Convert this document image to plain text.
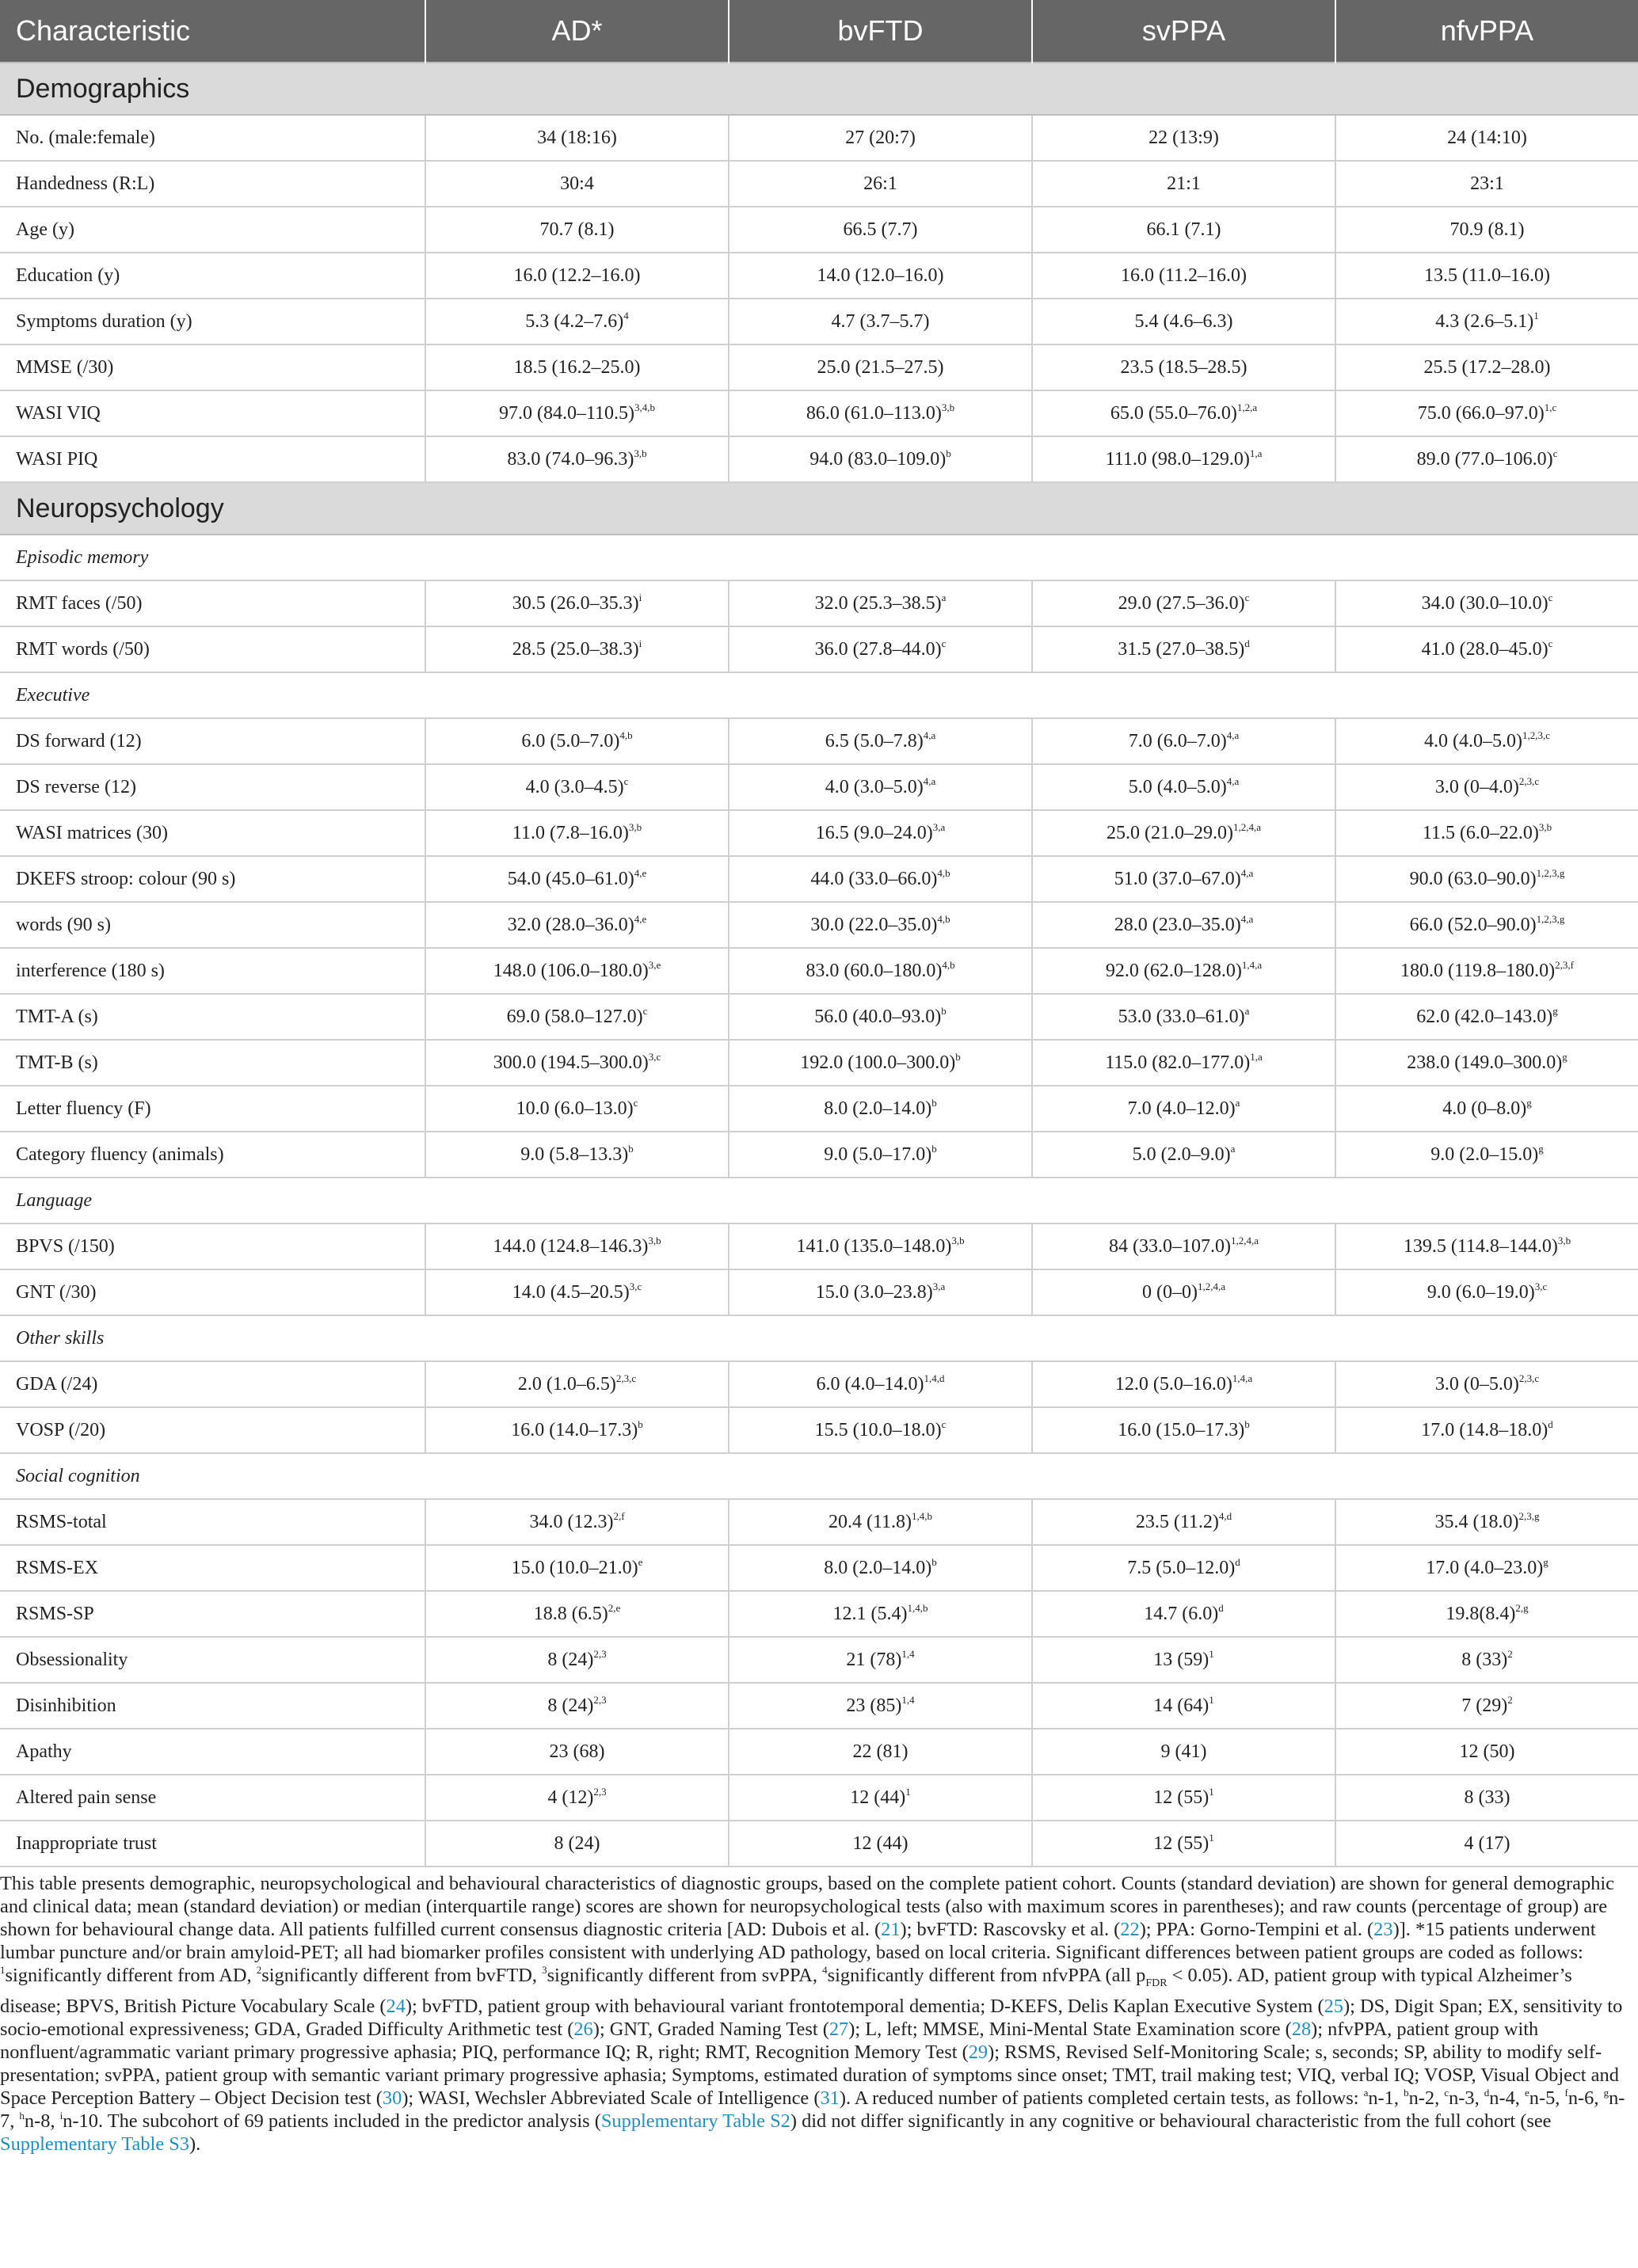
Characteristic	AD*	bvFTD	svPPA	nfvPPA
Demographics				
No. (male:female)	34 (18:16)	27 (20:7)	22 (13:9)	24 (14:10)
Handedness (R:L)	30:4	26:1	21:1	23:1
Age (y)	70.7 (8.1)	66.5 (7.7)	66.1 (7.1)	70.9 (8.1)
Education (y)	16.0 (12.2–16.0)	14.0 (12.0–16.0)	16.0 (11.2–16.0)	13.5 (11.0–16.0)
Symptoms duration (y)	5.3 $(4.2-7.6)^4$	4.7 (3.7–5.7)	5.4 (4.6–6.3)	4.3 $(2.6-5.1)^1$
MMSE (/30)	18.5 (16.2–25.0)	25.0 (21.5–27.5)	23.5 (18.5–28.5)	25.5 (17.2–28.0)
WASI VIQ	97.0 $(84.0-110.5)^{3,4,b}$	86.0 $(61.0-113.0)^{3,b}$	65.0 $(55.0-76.0)^{1,2,a}$	75.0 $(66.0-97.0)^{1,c}$
WASI PIQ	83.0 $(74.0-96.3)^{3,b}$	94.0 $(83.0-109.0)^b$	111.0 $(98.0-129.0)^{1,a}$	89.0 $(77.0-106.0)^c$
Neuropsychology				
Episodic memory				
RMT faces (/50)	30.5 $(26.0-35.3)^i$	32.0 $(25.3-38.5)^a$	29.0 $(27.5-36.0)^c$	34.0 $(30.0-10.0)^c$
RMT words (/50)	28.5 $(25.0-38.3)^i$	36.0 $(27.8-44.0)^c$	31.5 $(27.0-38.5)^d$	41.0 $(28.0-45.0)^c$
Executive				
DS forward (12)	6.0 $(5.0-7.0)^{4,b}$	6.5 $(5.0-7.8)^{4,a}$	7.0 $(6.0-7.0)^{4,a}$	4.0 $(4.0-5.0)^{1,2,3,c}$
DS reverse (12)	4.0 $(3.0-4.5)^c$	4.0 $(3.0-5.0)^{4,a}$	5.0 $(4.0-5.0)^{4,a}$	3.0 $(0-4.0)^{2,3,c}$
WASI matrices (30)	11.0 $(7.8-16.0)^{3,b}$	16.5 $(9.0-24.0)^{3,a}$	25.0 $(21.0-29.0)^{1,2,4,a}$	11.5 $(6.0-22.0)^{3,b}$
DKEFS stroop: colour (90 s)	54.0 $(45.0-61.0)^{4,e}$	44.0 $(33.0-66.0)^{4,b}$	51.0 $(37.0-67.0)^{4,a}$	90.0 $(63.0-90.0)^{1,2,3,g}$
words (90 s)	32.0 $(28.0-36.0)^{4,e}$	30.0 $(22.0-35.0)^{4,b}$	28.0 $(23.0-35.0)^{4,a}$	66.0 $(52.0-90.0)^{1,2,3,g}$
interference (180 s)	148.0 $(106.0-180.0)^{3,e}$	83.0 $(60.0-180.0)^{4,b}$	92.0 $(62.0-128.0)^{1,4,a}$	180.0 $(119.8-180.0)^{2,3,f}$
TMT-A (s)	69.0 $(58.0-127.0)^c$	56.0 $(40.0-93.0)^b$	53.0 $(33.0-61.0)^a$	62.0 $(42.0-143.0)^g$
TMT-B (s)	300.0 $(194.5-300.0)^{3,c}$	192.0 $(100.0-300.0)^b$	115.0 $(82.0-177.0)^{1,a}$	238.0 $(149.0-300.0)^g$
Letter fluency (F)	10.0 $(6.0-13.0)^c$	8.0 $(2.0-14.0)^b$	7.0 $(4.0-12.0)^a$	4.0 $(0-8.0)^g$
Category fluency (animals)	9.0 $(5.8-13.3)^b$	9.0 $(5.0-17.0)^b$	5.0 $(2.0-9.0)^a$	9.0 $(2.0-15.0)^g$
Language				
BPVS (/150)	144.0 $(124.8-146.3)^{3,b}$	141.0 $(135.0-148.0)^{3,b}$	84 $(33.0-107.0)^{1,2,4,a}$	139.5 $(114.8-144.0)^{3,b}$
GNT (/30)	14.0 $(4.5-20.5)^{3,c}$	15.0 $(3.0-23.8)^{3,a}$	0 $(0-0)^{1,2,4,a}$	9.0 $(6.0-19.0)^{3,c}$
Other skills				
GDA (/24)	2.0 $(1.0-6.5)^{2,3,c}$	6.0 $(4.0-14.0)^{1,4,d}$	12.0 $(5.0-16.0)^{1,4,a}$	3.0 $(0-5.0)^{2,3,c}$
VOSP (/20)	16.0 $(14.0-17.3)^b$	15.5 $(10.0-18.0)^c$	16.0 $(15.0-17.3)^b$	17.0 $(14.8-18.0)^d$
Social cognition				
RSMS-total	34.0 $(12.3)^{2,f}$	20.4 $(11.8)^{1,4,b}$	23.5 $(11.2)^{4,d}$	35.4 $(18.0)^{2,3,g}$
RSMS-EX	15.0 $(10.0-21.0)^e$	8.0 $(2.0-14.0)^b$	7.5 $(5.0-12.0)^d$	17.0 $(4.0-23.0)^g$
RSMS-SP	18.8 $(6.5)^{2,e}$	12.1 $(5.4)^{1,4,b}$	14.7 $(6.0)^d$	$19.8(8.4)^{2,g}$
Obsessionality	8 $(24)^{2,3}$	21 $(78)^{1,4}$	13 $(59)^1$	8 $(33)^2$
Disinhibition	8 $(24)^{2,3}$	23 $(85)^{1,4}$	14 $(64)^1$	7 $(29)^2$
Apathy	23 (68)	22 (81)	9 (41)	12 (50)
Altered pain sense	4 $(12)^{2,3}$	12 $(44)^1$	12 $(55)^1$	8 (33)
Inappropriate trust	8 (24)	12 (44)	12 $(55)^1$	4 (17)
This table presents demographic, neuropsychological and behavioural characteristics of diagnostic groups, based on the complete patient cohort. Counts (standard deviation) are shown for general demographic and clinical data; mean (standard deviation) or median (interquartile range) scores are shown for neuropsychological tests (also with maximum scores in parentheses); and raw counts (percentage of group) are shown for behavioural change data. All patients fulfilled current consensus diagnostic criteria [AD: Dubois et al. (21); bvFTD: Rascovsky et al. (22); PPA: Gorno-Tempini et al. (23)]. *15 patients underwent lumbar puncture and/or brain amyloid-PET; all had biomarker profiles consistent with underlying AD pathology, based on local criteria. Significant differences between patient groups are coded as follows: $^1$significantly different from AD, $^2$significantly different from bvFTD, $^3$significantly different from svPPA, $^4$significantly different from nfvPPA (all $p_{FDR} < 0.05$). AD, patient group with typical Alzheimer’s disease; BPVS, British Picture Vocabulary Scale (24); bvFTD, patient group with behavioural variant frontotemporal dementia; D-KEFS, Delis Kaplan Executive System (25); DS, Digit Span; EX, sensitivity to socio-emotional expressiveness; GDA, Graded Difficulty Arithmetic test (26); GNT, Graded Naming Test (27); L, left; MMSE, Mini-Mental State Examination score (28); nfvPPA, patient group with nonfluent/agrammatic variant primary progressive aphasia; PIQ, performance IQ; R, right; RMT, Recognition Memory Test (29); RSMS, Revised Self-Monitoring Scale; s, seconds; SP, ability to modify self-presentation; svPPA, patient group with semantic variant primary progressive aphasia; Symptoms, estimated duration of symptoms since onset; TMT, trail making test; VIQ, verbal IQ; VOSP, Visual Object and Space Perception Battery – Object Decision test (30); WASI, Wechsler Abbreviated Scale of Intelligence (31). A reduced number of patients completed certain tests, as follows: $^a$n-1, $^b$n-2, $^c$n-3, $^d$n-4, $^e$n-5, $^f$n-6, $^g$n-7, $^h$n-8, $^i$n-10. The subcohort of 69 patients included in the predictor analysis (Supplementary Table S2) did not differ significantly in any cognitive or behavioural characteristic from the full cohort (see Supplementary Table S3).
